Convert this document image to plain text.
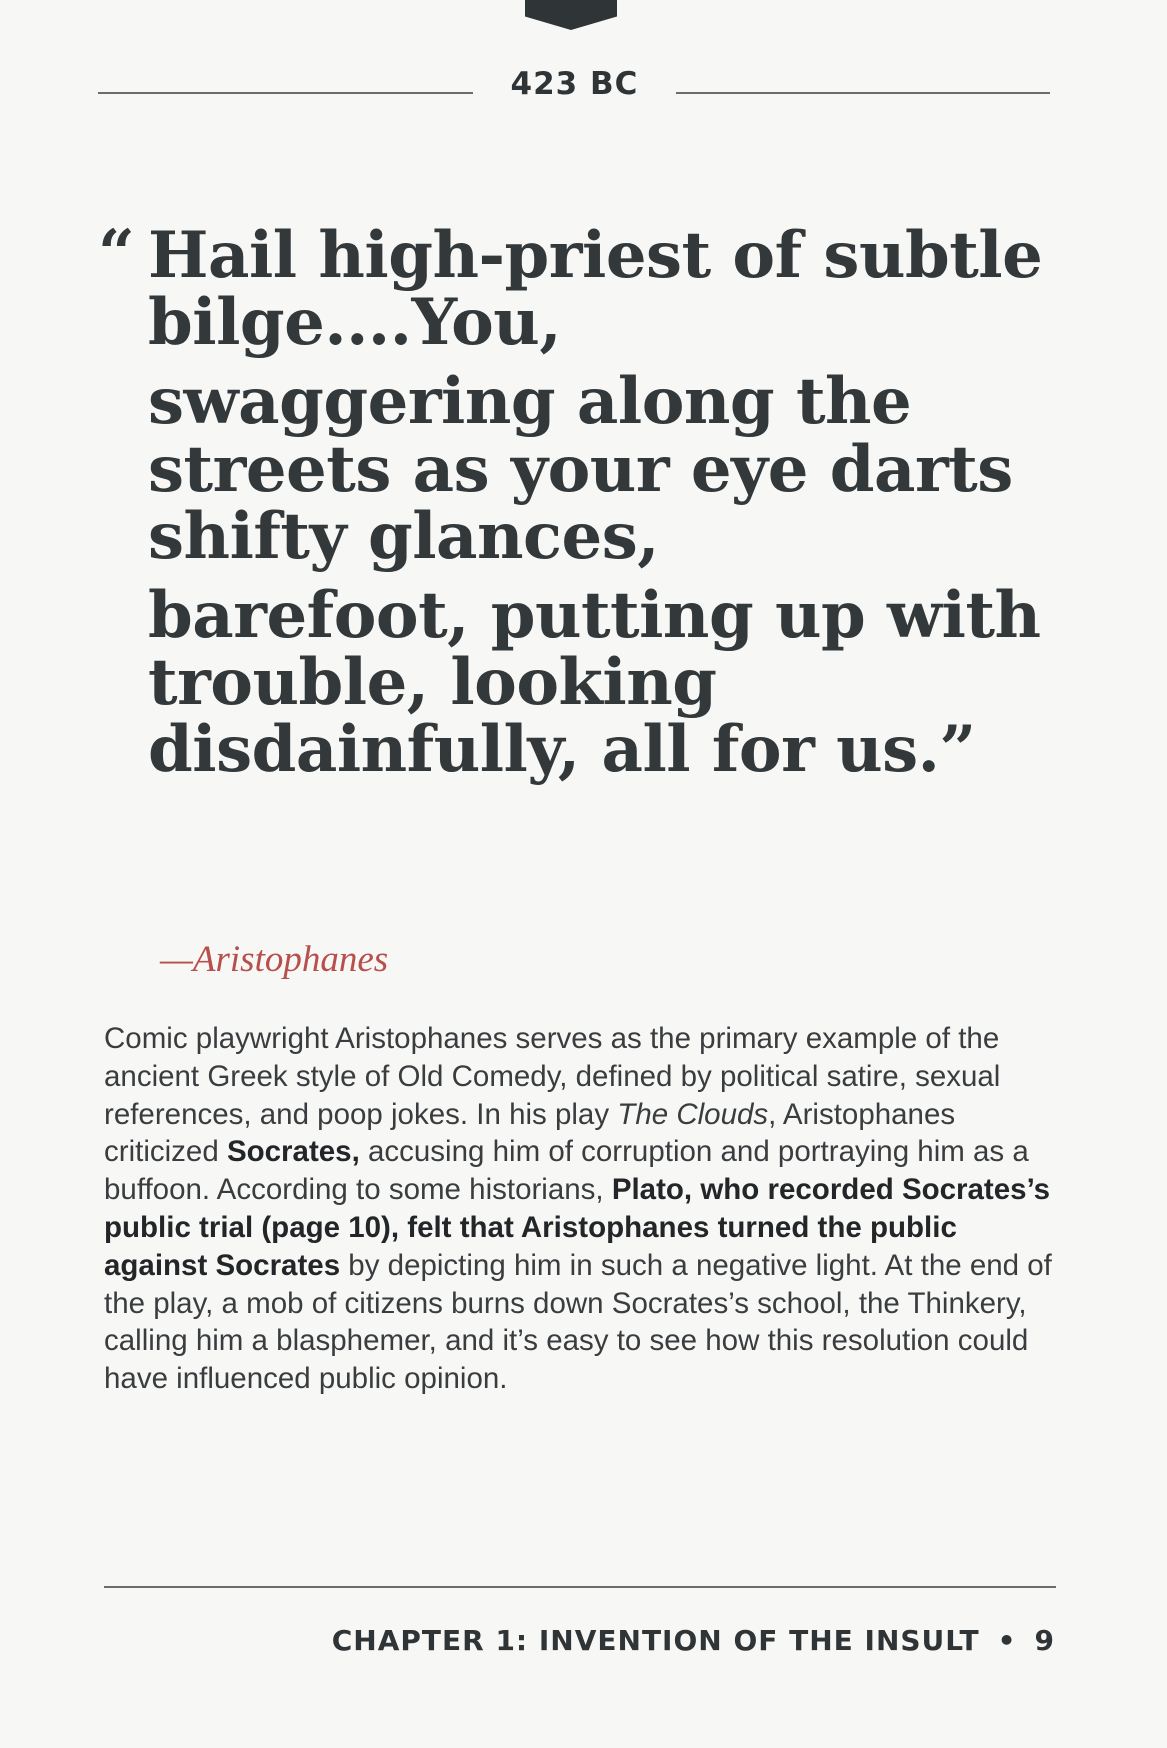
423 BC
“ Hail high-priest of subtle bilge....You,

swaggering along the streets as your eye darts shifty glances,

barefoot, putting up with trouble, looking disdainfully, all for us.”

—Aristophanes
Comic playwright Aristophanes serves as the primary example of the ancient Greek style of Old Comedy, defined by political satire, sexual references, and poop jokes. In his play The Clouds, Aristophanes criticized Socrates, accusing him of corruption and portraying him as a buffoon. According to some historians, Plato, who recorded Socrates’s public trial (page 10), felt that Aristophanes turned the public against Socrates by depicting him in such a negative light. At the end of the play, a mob of citizens burns down Socrates’s school, the Thinkery, calling him a blasphemer, and it’s easy to see how this resolution could have influenced public opinion.
CHAPTER 1: INVENTION OF THE INSULT • 9
